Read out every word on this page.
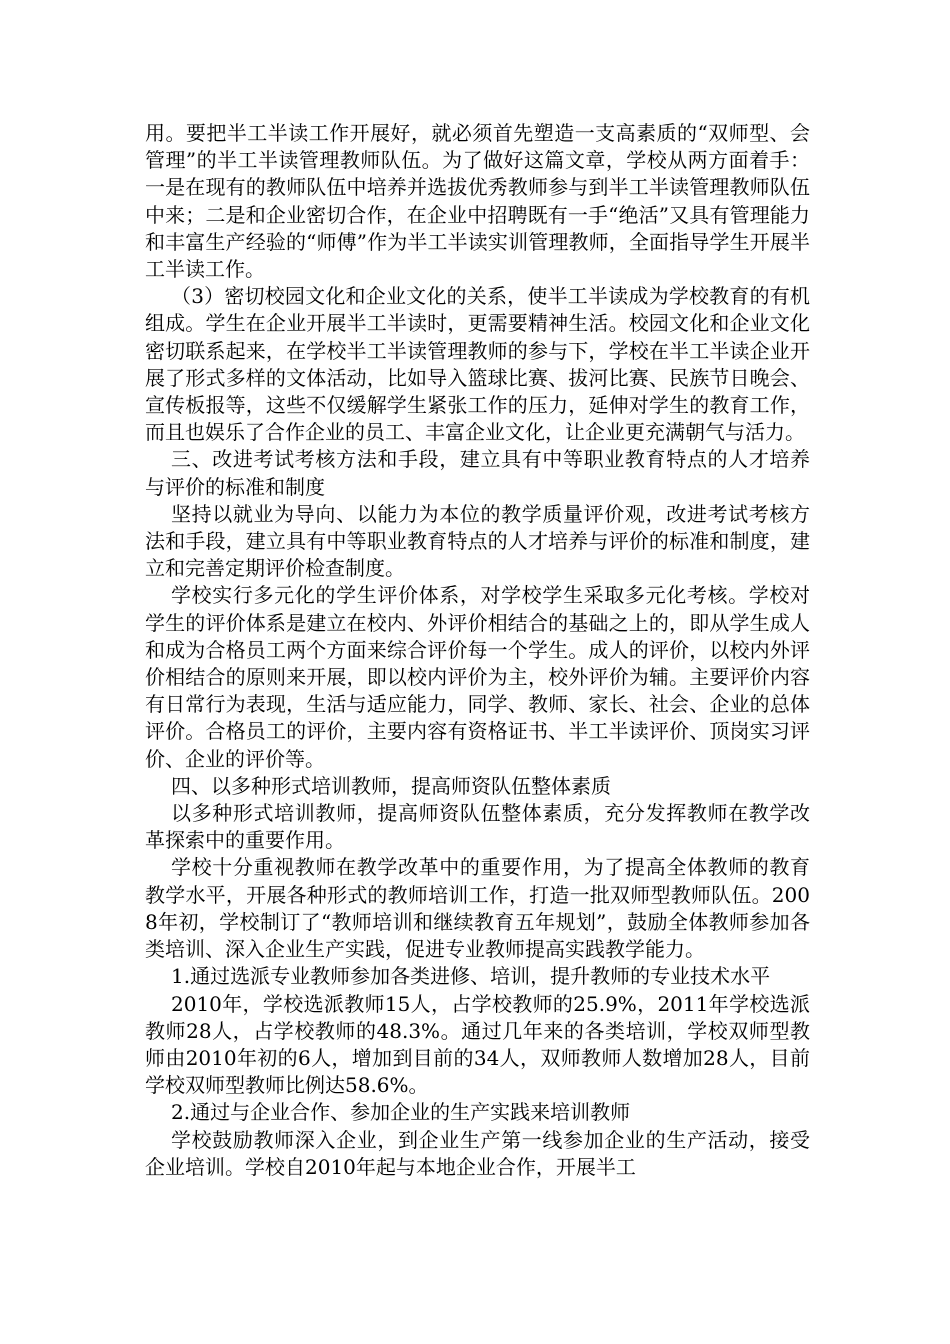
用。要把半工半读工作开展好，就必须首先塑造一支高素质的“双师型、会管理”的半工半读管理教师队伍。为了做好这篇文章，学校从两方面着手：一是在现有的教师队伍中培养并选拔优秀教师参与到半工半读管理教师队伍中来；二是和企业密切合作，在企业中招聘既有一手“绝活”又具有管理能力和丰富生产经验的“师傅”作为半工半读实训管理教师，全面指导学生开展半工半读工作。

（3）密切校园文化和企业文化的关系，使半工半读成为学校教育的有机组成。学生在企业开展半工半读时，更需要精神生活。校园文化和企业文化密切联系起来，在学校半工半读管理教师的参与下，学校在半工半读企业开展了形式多样的文体活动，比如导入篮球比赛、拔河比赛、民族节日晚会、宣传板报等，这些不仅缓解学生紧张工作的压力，延伸对学生的教育工作，而且也娱乐了合作企业的员工、丰富企业文化，让企业更充满朝气与活力。

三、改进考试考核方法和手段，建立具有中等职业教育特点的人才培养与评价的标准和制度

坚持以就业为导向、以能力为本位的教学质量评价观，改进考试考核方法和手段，建立具有中等职业教育特点的人才培养与评价的标准和制度，建立和完善定期评价检查制度。

学校实行多元化的学生评价体系，对学校学生采取多元化考核。学校对学生的评价体系是建立在校内、外评价相结合的基础之上的，即从学生成人和成为合格员工两个方面来综合评价每一个学生。成人的评价，以校内外评价相结合的原则来开展，即以校内评价为主，校外评价为辅。主要评价内容有日常行为表现，生活与适应能力，同学、教师、家长、社会、企业的总体评价。合格员工的评价，主要内容有资格证书、半工半读评价、顶岗实习评价、企业的评价等。

四、以多种形式培训教师，提高师资队伍整体素质

以多种形式培训教师，提高师资队伍整体素质，充分发挥教师在教学改革探索中的重要作用。

学校十分重视教师在教学改革中的重要作用，为了提高全体教师的教育教学水平，开展各种形式的教师培训工作，打造一批双师型教师队伍。2008年初，学校制订了“教师培训和继续教育五年规划”，鼓励全体教师参加各类培训、深入企业生产实践，促进专业教师提高实践教学能力。

1.通过选派专业教师参加各类进修、培训，提升教师的专业技术水平

2010年，学校选派教师15人，占学校教师的25.9%，2011年学校选派教师28人，占学校教师的48.3%。通过几年来的各类培训，学校双师型教师由2010年初的6人，增加到目前的34人，双师教师人数增加28人，目前学校双师型教师比例达58.6%。

2.通过与企业合作、参加企业的生产实践来培训教师

学校鼓励教师深入企业，到企业生产第一线参加企业的生产活动，接受企业培训。学校自2010年起与本地企业合作，开展半工
